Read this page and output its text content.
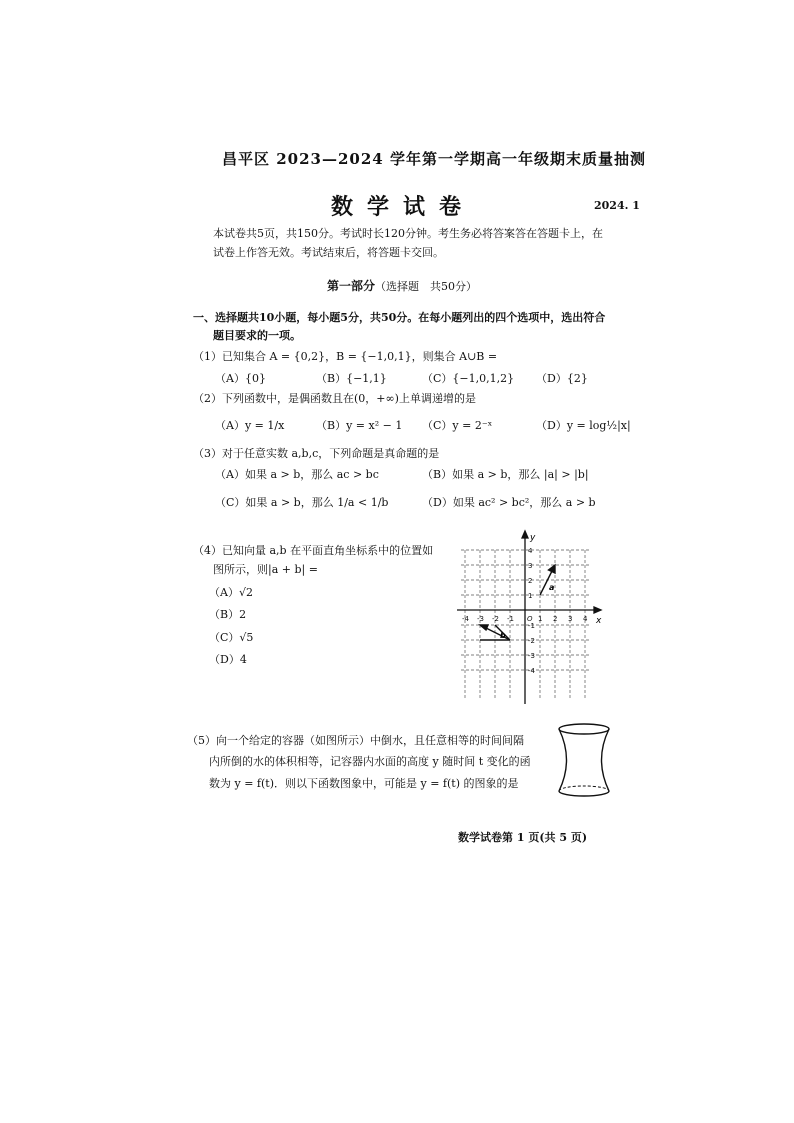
昌平区 2023—2024 学年第一学期高一年级期末质量抽测
数学试卷	2024. 1
本试卷共5页，共150分。考试时长120分钟。考生务必将答案答在答题卡上，在
试卷上作答无效。考试结束后，将答题卡交回。
第一部分（选择题　共50分）
一、选择题共10小题，每小题5分，共50分。在每小题列出的四个选项中，选出符合
题目要求的一项。
（1）已知集合 A = {0,2}，B = {−1,0,1}，则集合 A∪B =
（A）{0}	（B）{−1,1}	（C）{−1,0,1,2} （D）{2}
（2）下列函数中，是偶函数且在(0，+∞)上单调递增的是
（A）y = 1/x	（B）y = x² − 1 （C）y = 2⁻ˣ	（D）y = log½|x|
（3）对于任意实数 a,b,c，下列命题是真命题的是
（A）如果 a > b，那么 ac > bc	（B）如果 a > b，那么 |a| > |b|
（C）如果 a > b，那么 1/a < 1/b	（D）如果 ac² > bc²，那么 a > b
（4）已知向量 a,b 在平面直角坐标系中的位置如
图所示，则|a + b| =
（A）√2
（B）2
（C）√5
（D）4
x
y
-4 -3 -2 -1 O 1 2 3 4
4
3
2
1
-1
-2
-3
-4
a
b
（5）向一个给定的容器（如图所示）中倒水，且任意相等的时间间隔
内所倒的水的体积相等，记容器内水面的高度 y 随时间 t 变化的函
数为 y = f(t)．则以下函数图象中，可能是 y = f(t) 的图象的是
数学试卷第 1 页(共 5 页)
